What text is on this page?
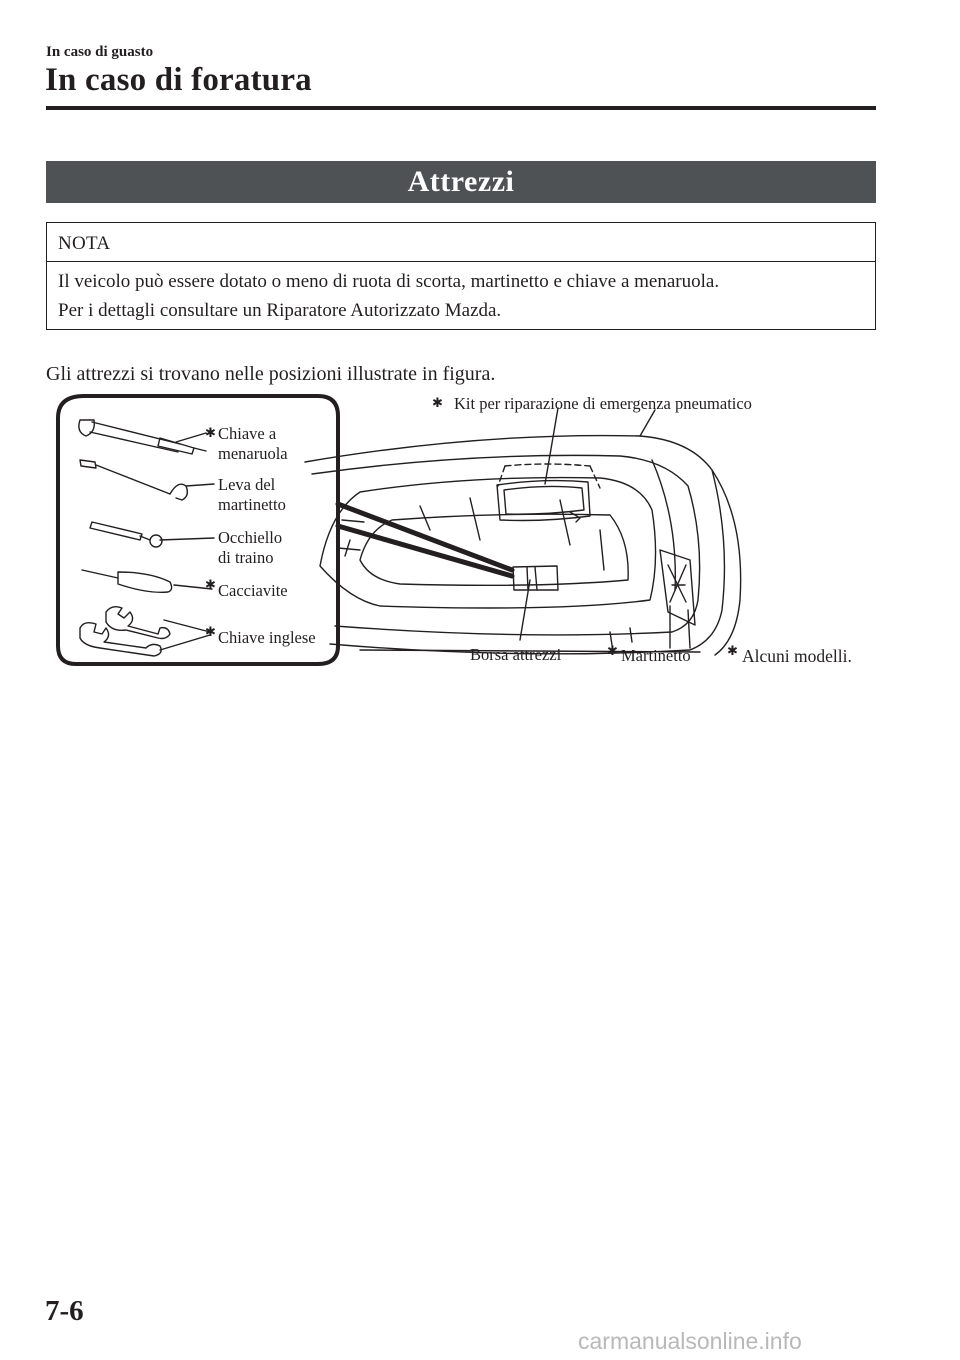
In caso di guasto
In caso di foratura
Attrezzi
NOTA
Il veicolo può essere dotato o meno di ruota di scorta, martinetto e chiave a menaruola.
Per i dettagli consultare un Riparatore Autorizzato Mazda.
Gli attrezzi si trovano nelle posizioni illustrate in figura.
✱ Kit per riparazione di emergenza pneumatico
✱ Chiave a
menaruola
Leva del
martinetto
Occhiello
di traino
✱ Cacciavite
✱ Chiave inglese
Borsa attrezzi	✱ Martinetto	✱ Alcuni modelli.
7-6
carmanualsonline.info
